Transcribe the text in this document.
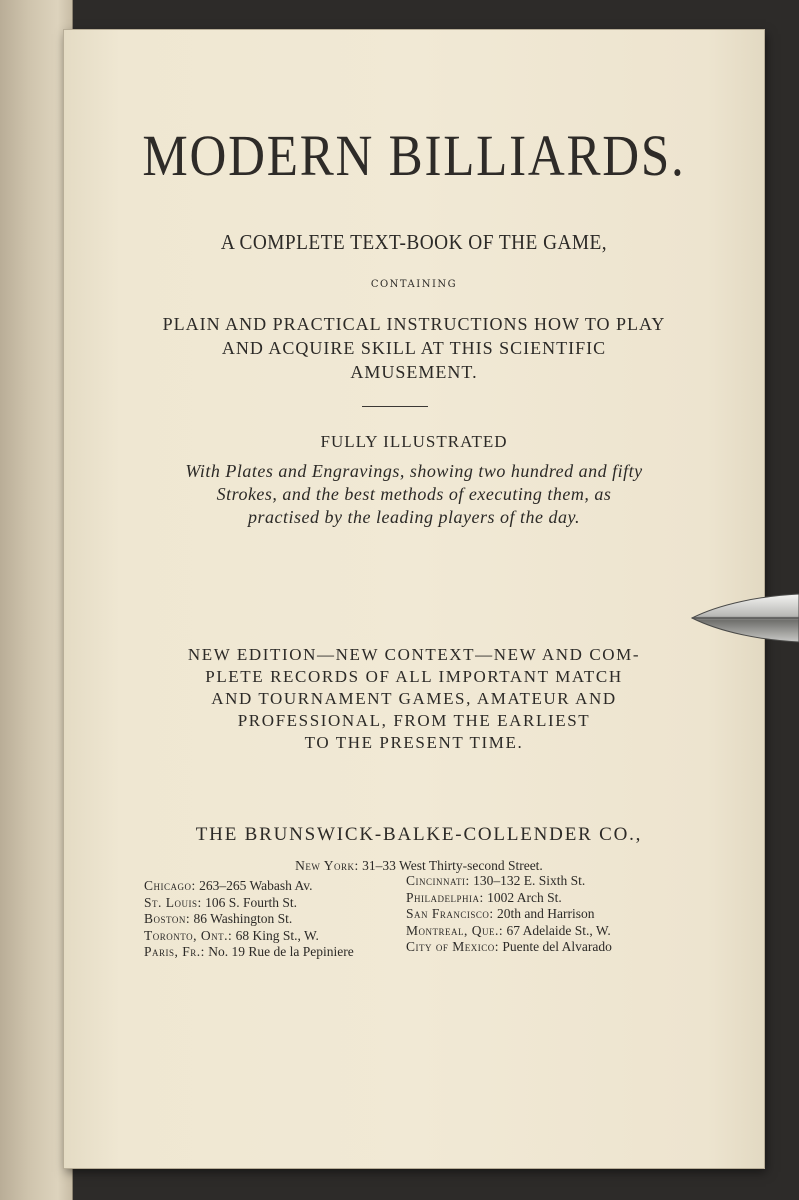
MODERN BILLIARDS.
A COMPLETE TEXT-BOOK OF THE GAME,
CONTAINING
PLAIN AND PRACTICAL INSTRUCTIONS HOW TO PLAY
AND ACQUIRE SKILL AT THIS SCIENTIFIC
AMUSEMENT.
FULLY ILLUSTRATED
With Plates and Engravings, showing two hundred and fifty
Strokes, and the best methods of executing them, as
practised by the leading players of the day.
NEW EDITION—NEW CONTEXT—NEW AND COM-
PLETE RECORDS OF ALL IMPORTANT MATCH
AND TOURNAMENT GAMES, AMATEUR AND
PROFESSIONAL, FROM THE EARLIEST
TO THE PRESENT TIME.
THE BRUNSWICK-BALKE-COLLENDER CO.,
New York: 31–33 West Thirty-second Street.
Chicago: 263–265 Wabash Av.
St. Louis: 106 S. Fourth St.
Boston: 86 Washington St.
Toronto, Ont.: 68 King St., W.
Paris, Fr.: No. 19 Rue de la Pepiniere
Cincinnati: 130–132 E. Sixth St.
Philadelphia: 1002 Arch St.
San Francisco: 20th and Harrison
Montreal, Que.: 67 Adelaide St., W.
City of Mexico: Puente del Alvarado
